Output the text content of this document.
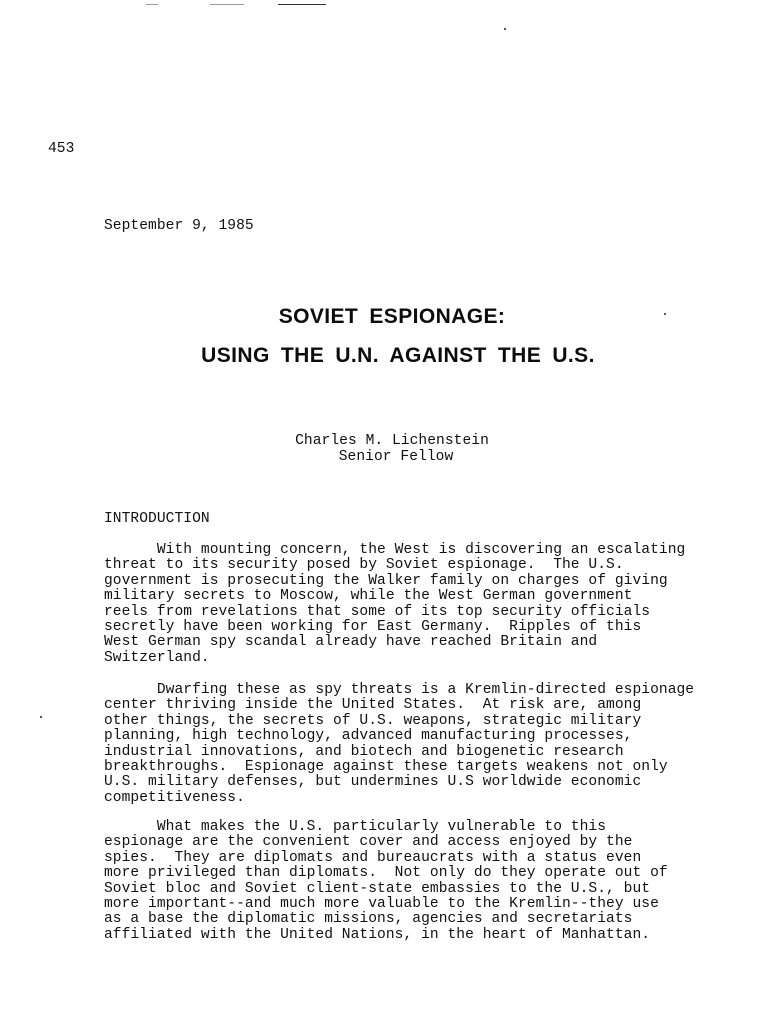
453
September 9, 1985
SOVIET ESPIONAGE:
USING THE U.N. AGAINST THE U.S.
Charles M. Lichenstein
Senior Fellow
INTRODUCTION

With mounting concern, the West is discovering an escalating
threat to its security posed by Soviet espionage.  The U.S.
government is prosecuting the Walker family on charges of giving
military secrets to Moscow, while the West German government
reels from revelations that some of its top security officials
secretly have been working for East Germany.  Ripples of this
West German spy scandal already have reached Britain and
Switzerland.

Dwarfing these as spy threats is a Kremlin-directed espionage
center thriving inside the United States.  At risk are, among
other things, the secrets of U.S. weapons, strategic military
planning, high technology, advanced manufacturing processes,
industrial innovations, and biotech and biogenetic research
breakthroughs.  Espionage against these targets weakens not only
U.S. military defenses, but undermines U.S worldwide economic
competitiveness.

What makes the U.S. particularly vulnerable to this
espionage are the convenient cover and access enjoyed by the
spies.  They are diplomats and bureaucrats with a status even
more privileged than diplomats.  Not only do they operate out of
Soviet bloc and Soviet client-state embassies to the U.S., but
more important--and much more valuable to the Kremlin--they use
as a base the diplomatic missions, agencies and secretariats
affiliated with the United Nations, in the heart of Manhattan.
